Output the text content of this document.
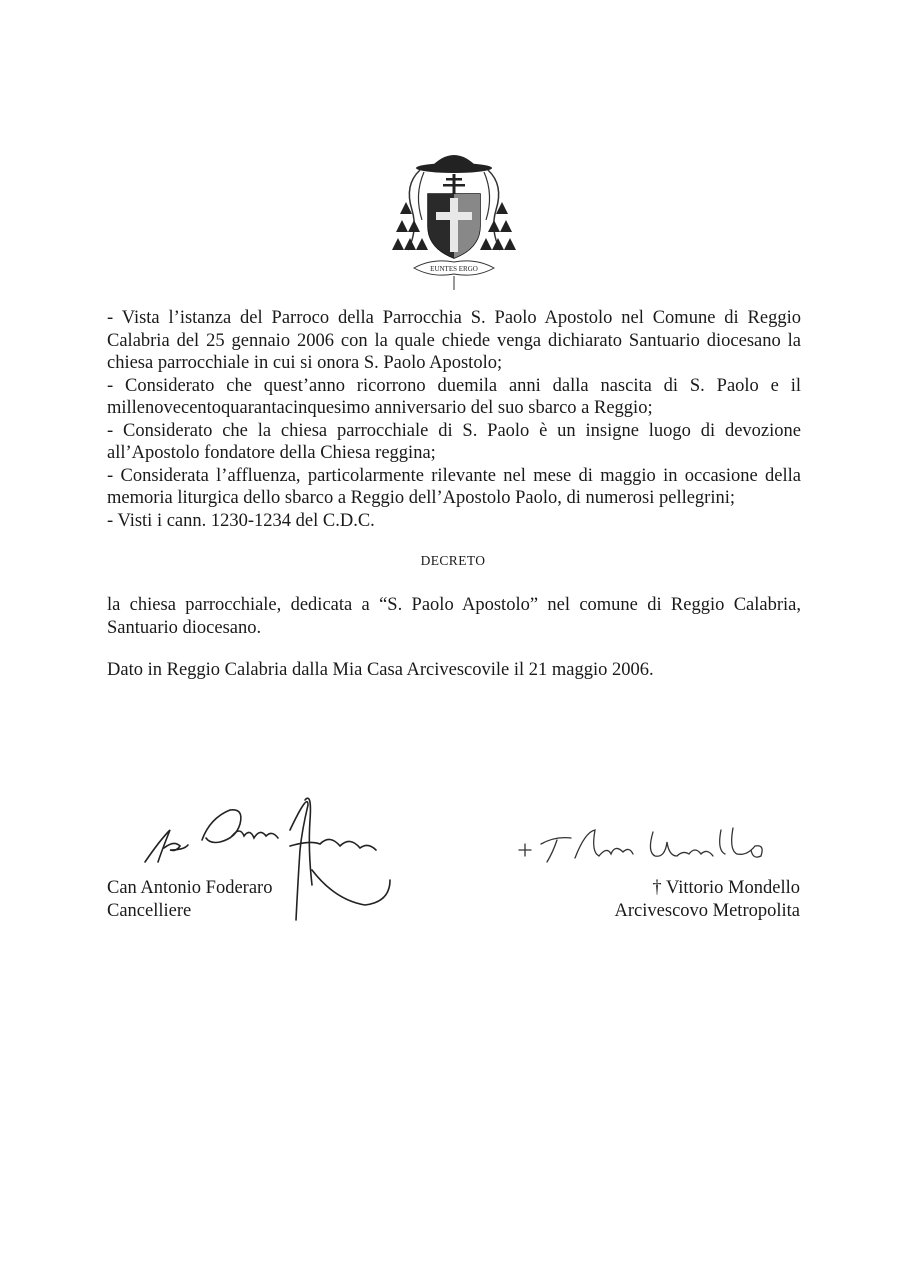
EUNTES ERGO

- Vista l’istanza del Parroco della Parrocchia S. Paolo Apostolo nel Comune di Reggio Calabria del 25 gennaio 2006 con la quale chiede venga dichiarato Santuario diocesano la chiesa parrocchiale in cui si onora S. Paolo Apostolo;

- Considerato che quest’anno ricorrono duemila anni dalla nascita di S. Paolo e il millenovecentoquarantacinquesimo anniversario del suo sbarco a Reggio;

- Considerato che la chiesa parrocchiale di S. Paolo è un insigne luogo di devozione all’Apostolo fondatore della Chiesa reggina;

- Considerata l’affluenza, particolarmente rilevante nel mese di maggio in occasione della memoria liturgica dello sbarco a Reggio dell’Apostolo Paolo, di numerosi pellegrini;

- Visti i cann. 1230-1234 del C.D.C.

DECRETO

la chiesa parrocchiale, dedicata a “S. Paolo Apostolo” nel comune di Reggio Calabria, Santuario diocesano.

Dato in Reggio Calabria dalla Mia Casa Arcivescovile il 21 maggio 2006.
Can Antonio Foderaro
Cancelliere
† Vittorio Mondello
Arcivescovo Metropolita
